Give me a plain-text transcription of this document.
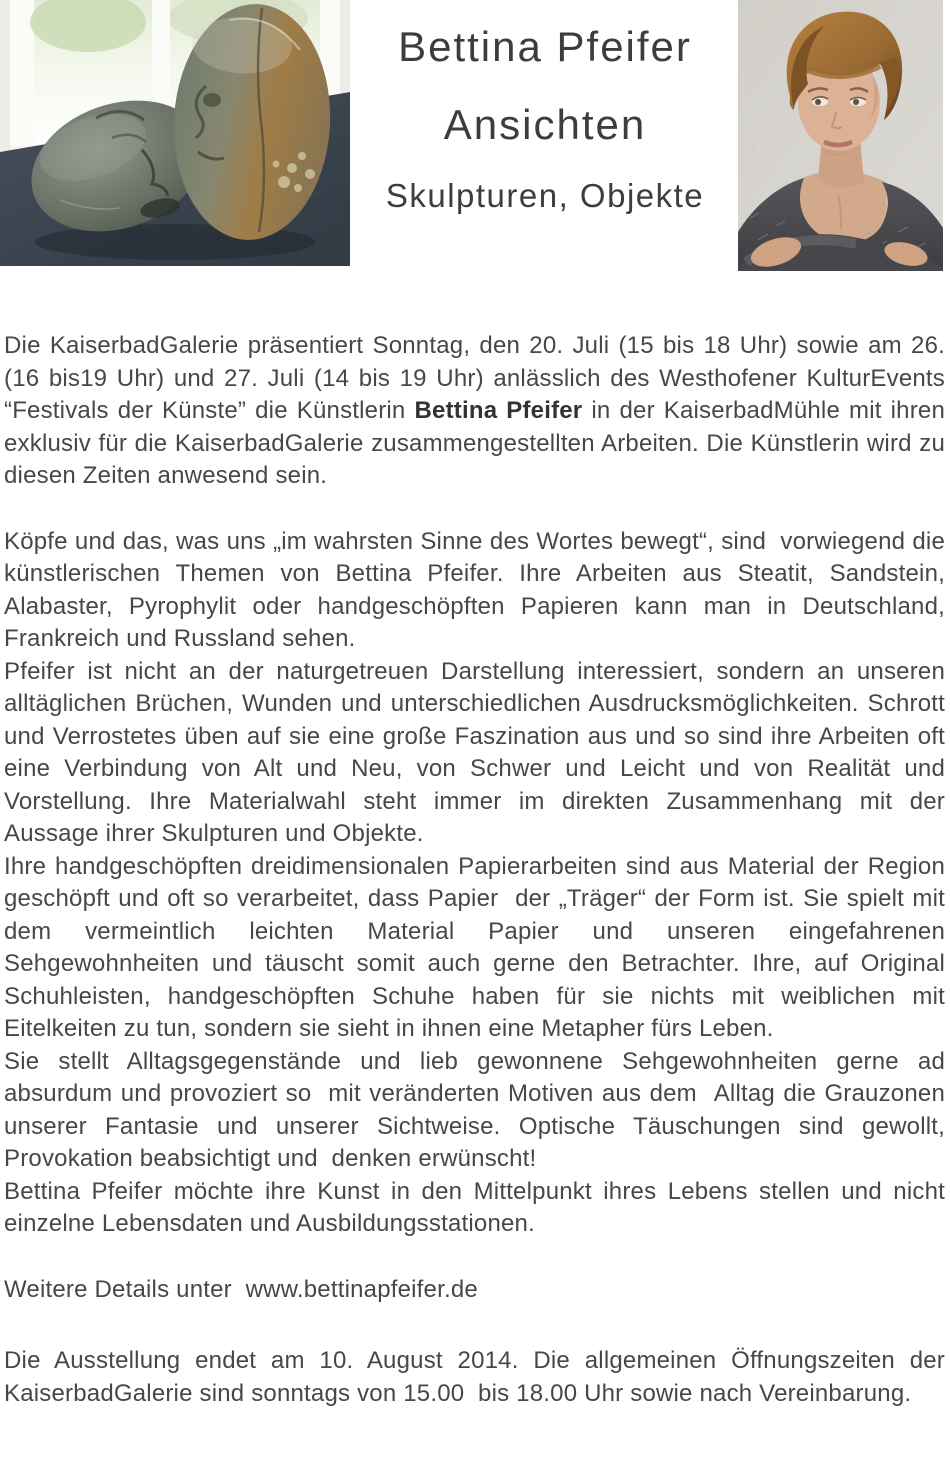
Bettina Pfeifer
Ansichten
Skulpturen, Objekte

Die KaiserbadGalerie präsentiert Sonntag, den 20. Juli (15 bis 18 Uhr) sowie am 26.(16 bis19 Uhr) und 27. Juli (14 bis 19 Uhr) anlässlich des Westhofener KulturEvents “Festivals der Künste” die Künstlerin Bettina Pfeifer in der KaiserbadMühle mit ihren exklusiv für die KaiserbadGalerie zusammengestellten Arbeiten. Die Künstlerin wird zu diesen Zeiten anwesend sein.

Köpfe und das, was uns „im wahrsten Sinne des Wortes bewegt“, sind  vorwiegend die künstlerischen Themen von Bettina Pfeifer. Ihre Arbeiten aus Steatit, Sandstein, Alabaster, Pyrophylit oder handgeschöpften Papieren kann man in Deutschland, Frankreich und Russland sehen.

Pfeifer ist nicht an der naturgetreuen Darstellung interessiert, sondern an unseren alltäglichen Brüchen, Wunden und unterschiedlichen Ausdrucksmöglichkeiten. Schrott und Verrostetes üben auf sie eine große Faszination aus und so sind ihre Arbeiten oft eine Verbindung von Alt und Neu, von Schwer und Leicht und von Realität und Vorstellung. Ihre Materialwahl steht immer im direkten Zusammenhang mit der Aussage ihrer Skulpturen und Objekte.

Ihre handgeschöpften dreidimensionalen Papierarbeiten sind aus Material der Region geschöpft und oft so verarbeitet, dass Papier  der „Träger“ der Form ist. Sie spielt mit dem vermeintlich leichten Material Papier und unseren eingefahrenen Sehgewohnheiten und täuscht somit auch gerne den Betrachter. Ihre, auf Original Schuhleisten, handgeschöpften Schuhe haben für sie nichts mit weiblichen mit Eitelkeiten zu tun, sondern sie sieht in ihnen eine Metapher fürs Leben.

Sie stellt Alltagsgegenstände und lieb gewonnene Sehgewohnheiten gerne ad absurdum und provoziert so  mit veränderten Motiven aus dem  Alltag die Grauzonen unserer Fantasie und unserer Sichtweise. Optische Täuschungen sind gewollt, Provokation beabsichtigt und  denken erwünscht!

Bettina Pfeifer möchte ihre Kunst in den Mittelpunkt ihres Lebens stellen und nicht einzelne Lebensdaten und Ausbildungsstationen.

Weitere Details unter  www.bettinapfeifer.de

Die Ausstellung endet am 10. August 2014. Die allgemeinen Öffnungszeiten der KaiserbadGalerie sind sonntags von 15.00  bis 18.00 Uhr sowie nach Vereinbarung.
